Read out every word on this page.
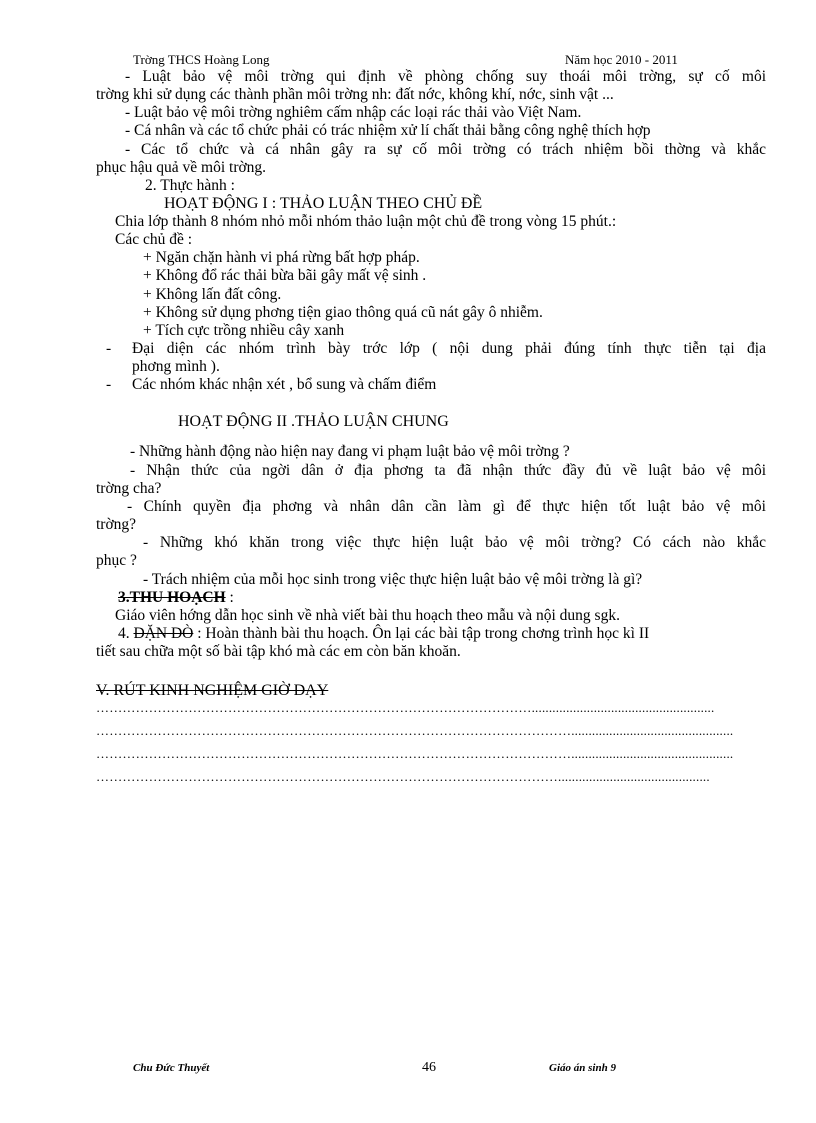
Trờng THCS Hoàng Long	Năm học 2010 - 2011
- Luật bảo vệ môi trờng qui định về phòng chống suy thoái môi trờng, sự cố môi
trờng khi sử dụng các thành phần môi trờng nh: đất nớc, không khí, nớc, sinh vật ...
- Luật bảo vệ môi trờng nghiêm cấm nhập các loại rác thải vào Việt Nam.
- Cá nhân và các tổ chức phải có trác nhiệm xử lí chất thải bằng công nghệ thích hợp
- Các tổ chức và cá nhân gây ra sự cố môi trờng có trách nhiệm bồi thờng và khắc
phục hậu quả về môi trờng.
2. Thực hành :
HOẠT ĐỘNG I : THẢO LUẬN THEO CHỦ ĐỀ
Chia lớp thành 8 nhóm nhỏ mỗi nhóm thảo luận một chủ đề trong vòng 15 phút.:
Các chủ đề :
+ Ngăn chặn hành vi phá rừng bất hợp pháp.
+ Không đổ rác thải bừa bãi gây mất vệ sinh .
+ Không lấn đất công.
+ Không sử dụng phơng tiện giao thông quá cũ nát gây ô nhiễm.
+ Tích cực trồng nhiều cây xanh
- Đại diện các nhóm trình bày trớc lớp ( nội dung phải đúng tính thực tiễn tại địa
phơng mình ).
- Các nhóm khác nhận xét , bổ sung và chấm điểm
HOẠT ĐỘNG II .THẢO LUẬN CHUNG
- Những hành động nào hiện nay đang vi phạm luật bảo vệ môi trờng ?
- Nhận thức của ngời dân ở địa phơng ta đã nhận thức đầy đủ về luật bảo vệ môi
trờng cha?
- Chính quyền địa phơng và nhân dân cần làm gì để thực hiện tốt luật bảo vệ môi
trờng?
- Những khó khăn trong việc thực hiện luật bảo vệ môi trờng? Có cách nào khắc
phục ?
- Trách nhiệm của mỗi học sinh trong việc thực hiện luật bảo vệ môi trờng là gì?
3.THU HOẠCH :
Giáo viên hớng dẫn học sinh về nhà viết bài thu hoạch theo mẫu và nội dung sgk.
4. DẶN DÒ : Hoàn thành bài thu hoạch. Ôn lại các bài tập trong chơng trình học kì II
tiết sau chữa một số bài tập khó mà các em còn băn khoăn.
V. RÚT KINH NGHIỆM GIỜ DẠY
……………………………………………………………………………………….....................................................
………………………………………………………………………………………………...............................................
………………………………………………………………………………………………...............................................
……………………………………………………………………………………………............................................
Chu Đức Thuyết	46	Giáo án sinh 9
